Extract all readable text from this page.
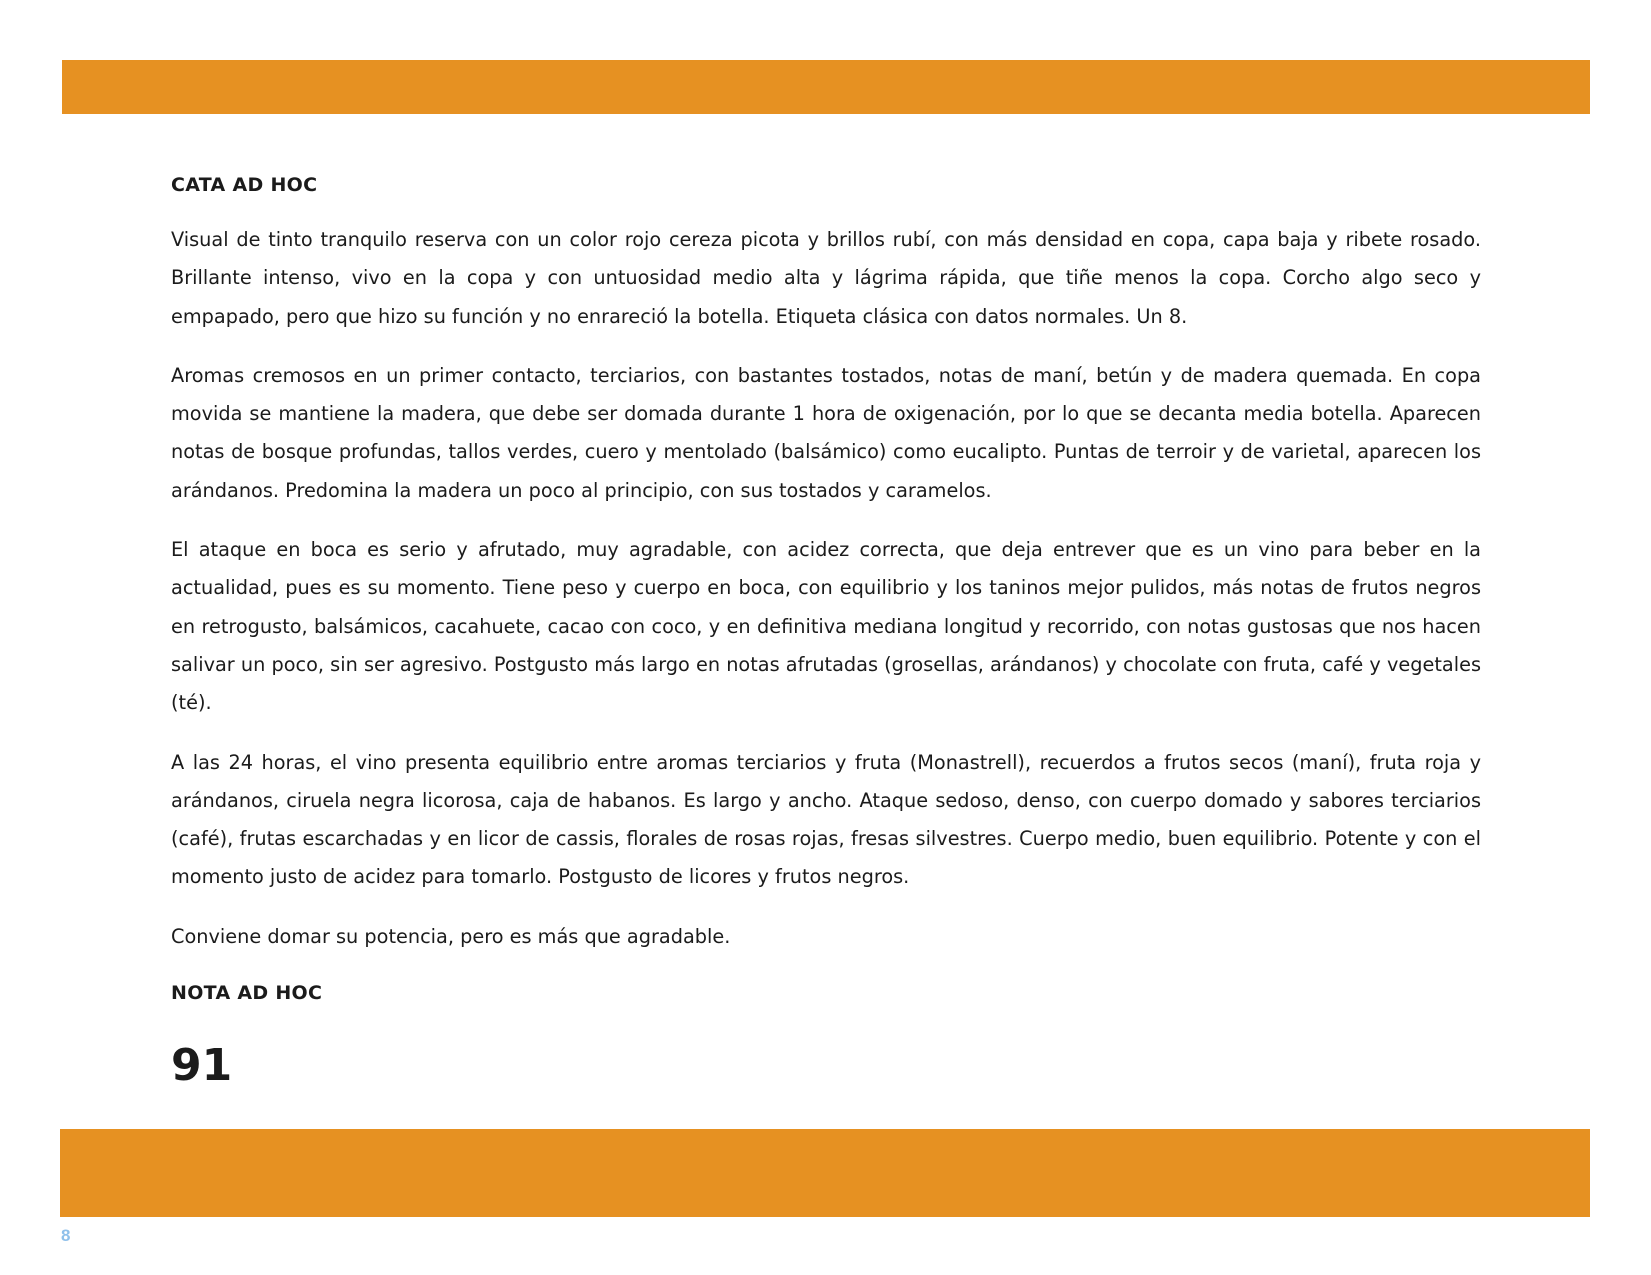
CATA AD HOC

Visual de tinto tranquilo reserva con un color rojo cereza picota y brillos rubí, con más densidad en copa, capa baja y ribete rosado. Brillante intenso, vivo en la copa y con untuosidad medio alta y lágrima rápida, que tiñe menos la copa. Corcho algo seco y empapado, pero que hizo su función y no enrareció la botella. Etiqueta clásica con datos normales. Un 8.

Aromas cremosos en un primer contacto, terciarios, con bastantes tostados, notas de maní, betún y de madera quemada. En copa movida se mantiene la madera, que debe ser domada durante 1 hora de oxigenación, por lo que se decanta media botella. Aparecen notas de bosque profundas, tallos verdes, cuero y mentolado (balsámico) como eucalipto. Puntas de terroir y de varietal, aparecen los arándanos. Predomina la madera un poco al principio, con sus tostados y caramelos.

El ataque en boca es serio y afrutado, muy agradable, con acidez correcta, que deja entrever que es un vino para beber en la actualidad, pues es su momento. Tiene peso y cuerpo en boca, con equilibrio y los taninos mejor pulidos, más notas de frutos negros en retrogusto, balsámicos, cacahuete, cacao con coco, y en definitiva mediana longitud y recorrido, con notas gustosas que nos hacen salivar un poco, sin ser agresivo. Postgusto más largo en notas afrutadas (grosellas, arándanos) y chocolate con fruta, café y vegetales (té).

A las 24 horas, el vino presenta equilibrio entre aromas terciarios y fruta (Monastrell), recuerdos a frutos secos (maní), fruta roja y arándanos, ciruela negra licorosa, caja de habanos. Es largo y ancho. Ataque sedoso, denso, con cuerpo domado y sabores terciarios (café), frutas escarchadas y en licor de cassis, florales de rosas rojas, fresas silvestres. Cuerpo medio, buen equilibrio. Potente y con el momento justo de acidez para tomarlo. Postgusto de licores y frutos negros.

Conviene domar su potencia, pero es más que agradable.

NOTA AD HOC

91

8
